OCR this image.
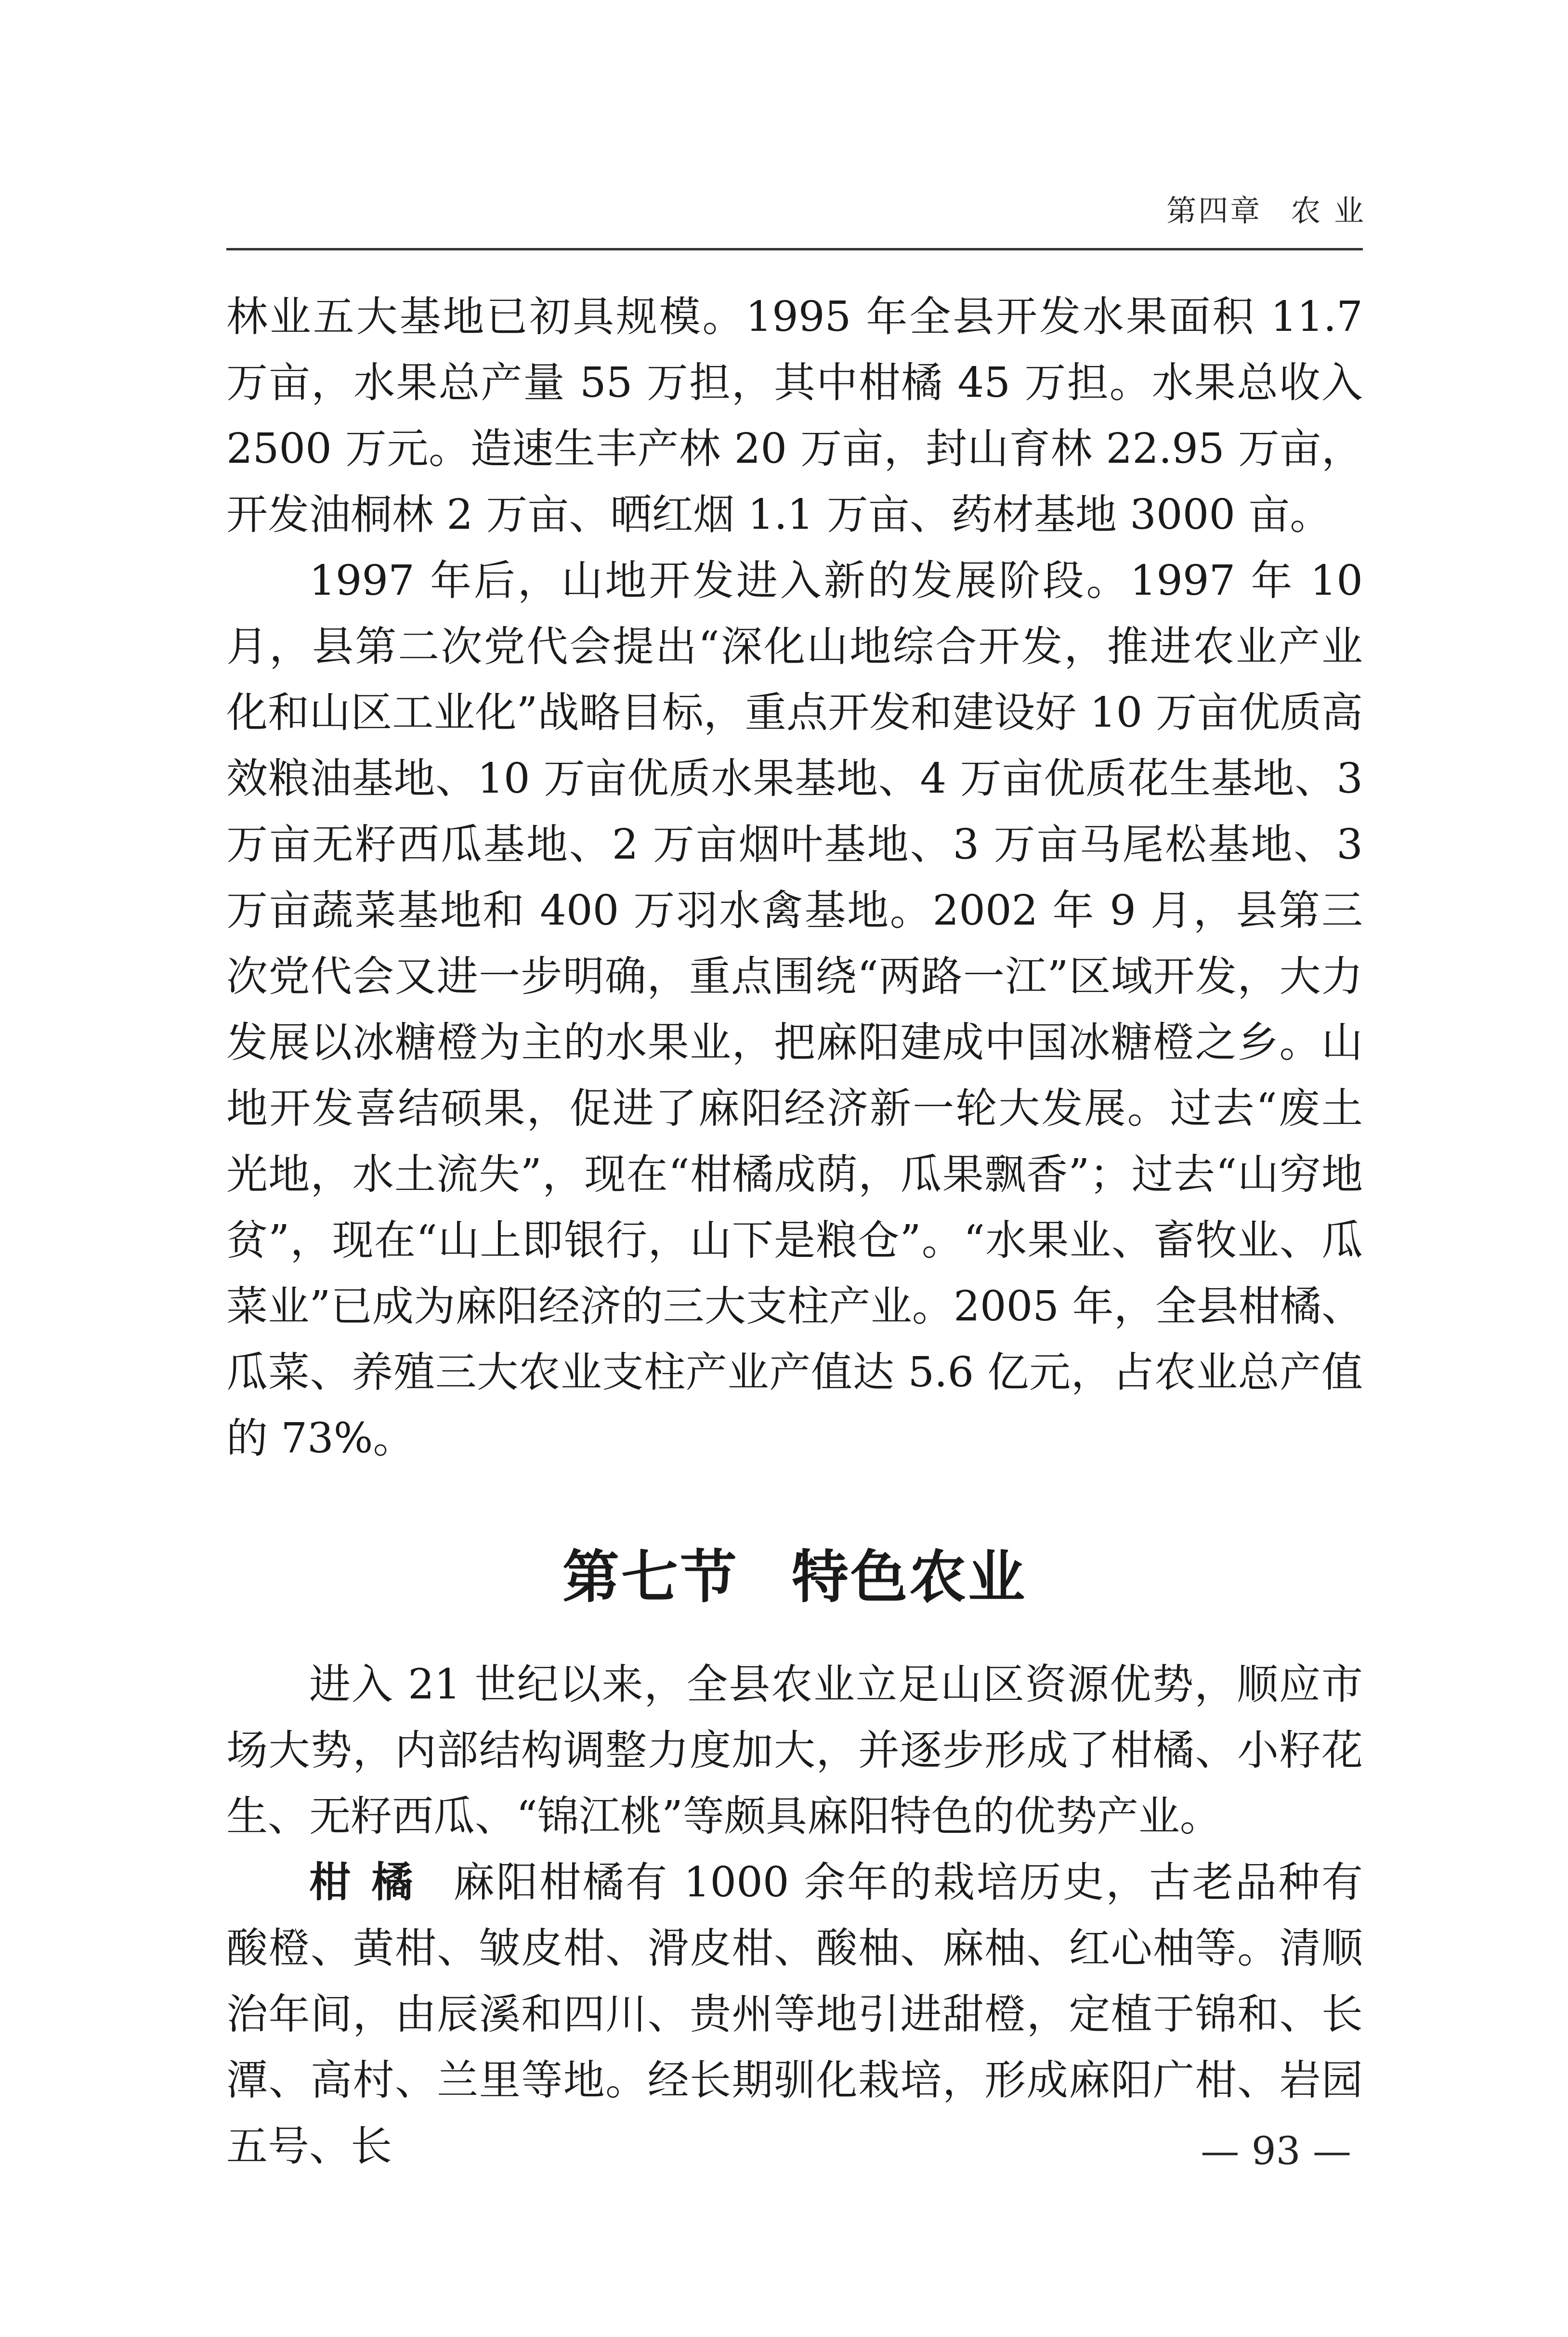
第四章 农 业

林业五大基地已初具规模。1995 年全县开发水果面积 11.7 万亩，水果总产量 55 万担，其中柑橘 45 万担。水果总收入 2500 万元。造速生丰产林 20 万亩，封山育林 22.95 万亩，开发油桐林 2 万亩、晒红烟 1.1 万亩、药材基地 3000 亩。

1997 年后，山地开发进入新的发展阶段。1997 年 10 月，县第二次党代会提出“深化山地综合开发，推进农业产业化和山区工业化”战略目标，重点开发和建设好 10 万亩优质高效粮油基地、10 万亩优质水果基地、4 万亩优质花生基地、3 万亩无籽西瓜基地、2 万亩烟叶基地、3 万亩马尾松基地、3 万亩蔬菜基地和 400 万羽水禽基地。2002 年 9 月，县第三次党代会又进一步明确，重点围绕“两路一江”区域开发，大力发展以冰糖橙为主的水果业，把麻阳建成中国冰糖橙之乡。山地开发喜结硕果，促进了麻阳经济新一轮大发展。过去“废土光地，水土流失”，现在“柑橘成荫，瓜果飘香”；过去“山穷地贫”，现在“山上即银行，山下是粮仓”。“水果业、畜牧业、瓜菜业”已成为麻阳经济的三大支柱产业。2005 年，全县柑橘、瓜菜、养殖三大农业支柱产业产值达 5.6 亿元，占农业总产值的 73%。

第七节 特色农业

进入 21 世纪以来，全县农业立足山区资源优势，顺应市场大势，内部结构调整力度加大，并逐步形成了柑橘、小籽花生、无籽西瓜、“锦江桃”等颇具麻阳特色的优势产业。

柑橘 麻阳柑橘有 1000 余年的栽培历史，古老品种有酸橙、黄柑、皱皮柑、滑皮柑、酸柚、麻柚、红心柚等。清顺治年间，由辰溪和四川、贵州等地引进甜橙，定植于锦和、长潭、高村、兰里等地。经长期驯化栽培，形成麻阳广柑、岩园五号、长	— 93 —
